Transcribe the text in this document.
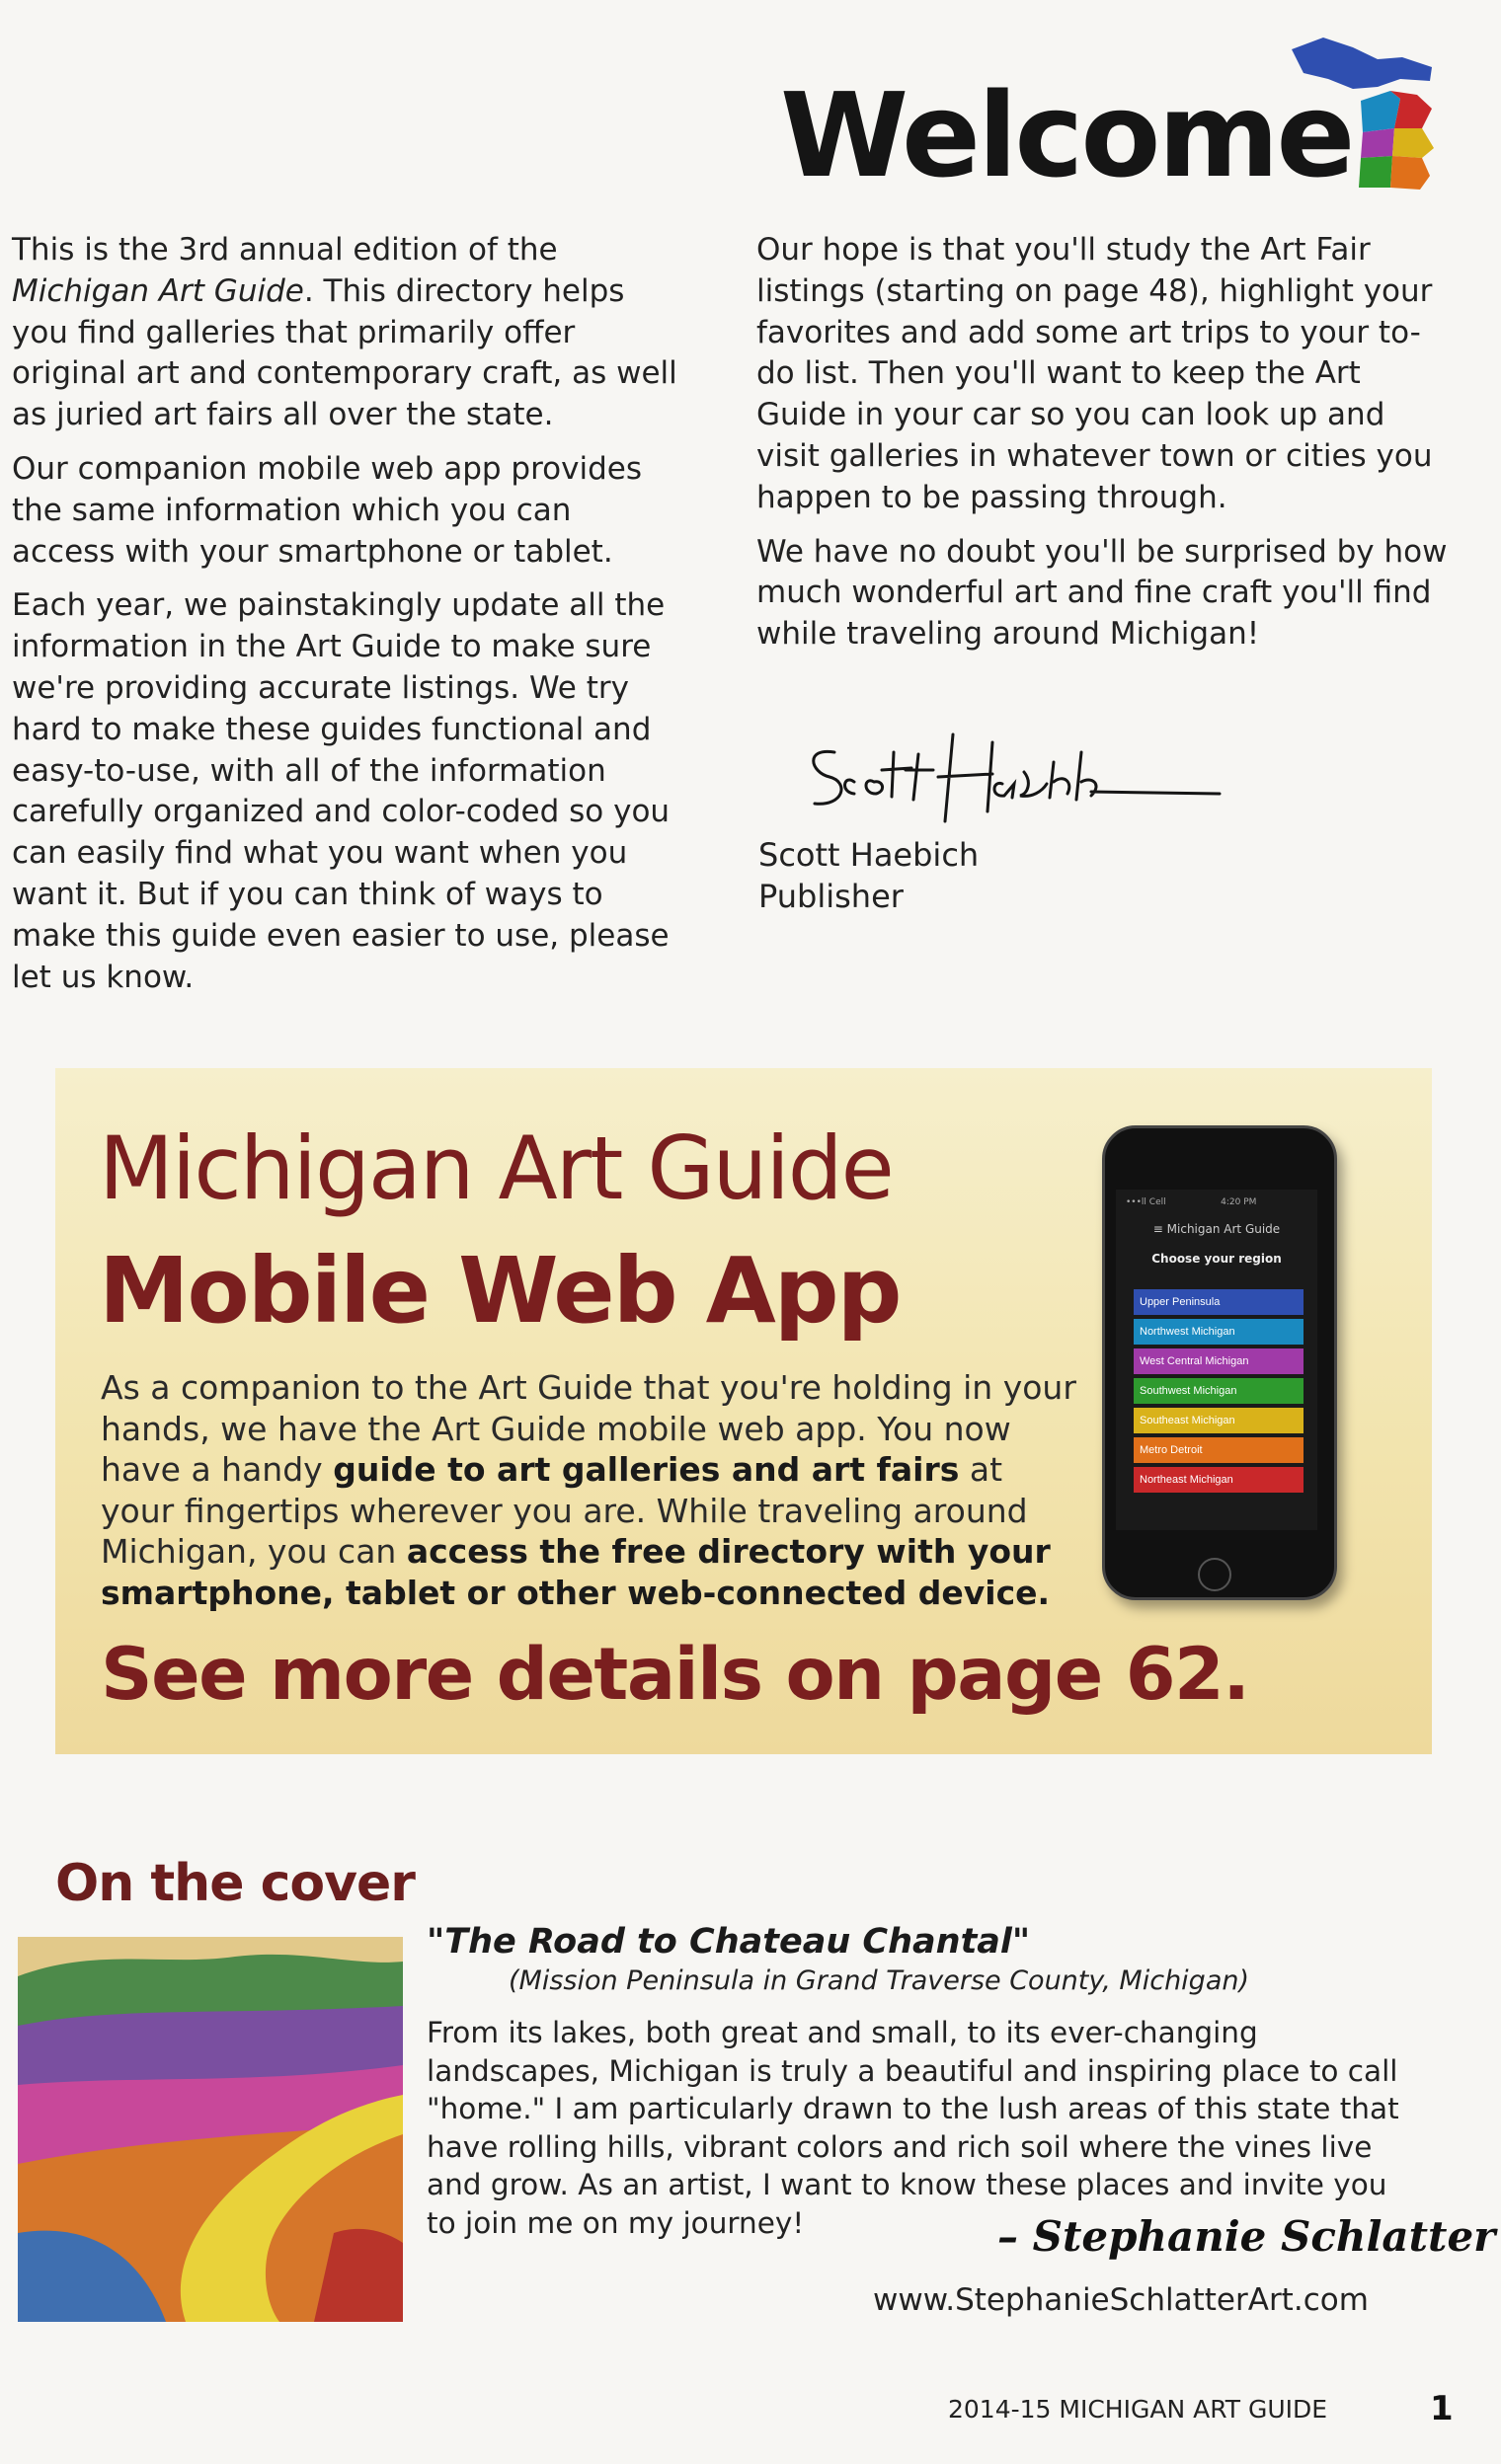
Welcome

This is the 3rd annual edition of the Michigan Art Guide. This directory helps you find galleries that primarily offer original art and contemporary craft, as well as juried art fairs all over the state.

Our companion mobile web app provides the same information which you can access with your smartphone or tablet.

Each year, we painstakingly update all the information in the Art Guide to make sure we're providing accurate listings. We try hard to make these guides functional and easy-to-use, with all of the information carefully organized and color-coded so you can easily find what you want when you want it. But if you can think of ways to make this guide even easier to use, please let us know.

Our hope is that you'll study the Art Fair listings (starting on page 48), highlight your favorites and add some art trips to your to-do list. Then you'll want to keep the Art Guide in your car so you can look up and visit galleries in whatever town or cities you happen to be passing through.

We have no doubt you'll be surprised by how much wonderful art and fine craft you'll find while traveling around Michigan!

Scott Haebich
Publisher
Michigan Art Guide
Mobile Web App
As a companion to the Art Guide that you're holding in your hands, we have the Art Guide mobile web app. You now have a handy guide to art galleries and art fairs at your fingertips wherever you are. While traveling around Michigan, you can access the free directory with your smartphone, tablet or other web-connected device.
See more details on page 62.
•••ll Cell	4:20 PM
≡ Michigan Art Guide
Choose your region
Upper Peninsula
Northwest Michigan
West Central Michigan
Southwest Michigan
Southeast Michigan
Metro Detroit
Northeast Michigan
On the cover
"The Road to Chateau Chantal"
(Mission Peninsula in Grand Traverse County, Michigan)
From its lakes, both great and small, to its ever-changing landscapes, Michigan is truly a beautiful and inspiring place to call "home." I am particularly drawn to the lush areas of this state that have rolling hills, vibrant colors and rich soil where the vines live and grow. As an artist, I want to know these places and invite you to join me on my journey!	– Stephanie Schlatter
www.StephanieSchlatterArt.com
2014-15 MICHIGAN ART GUIDE	1
